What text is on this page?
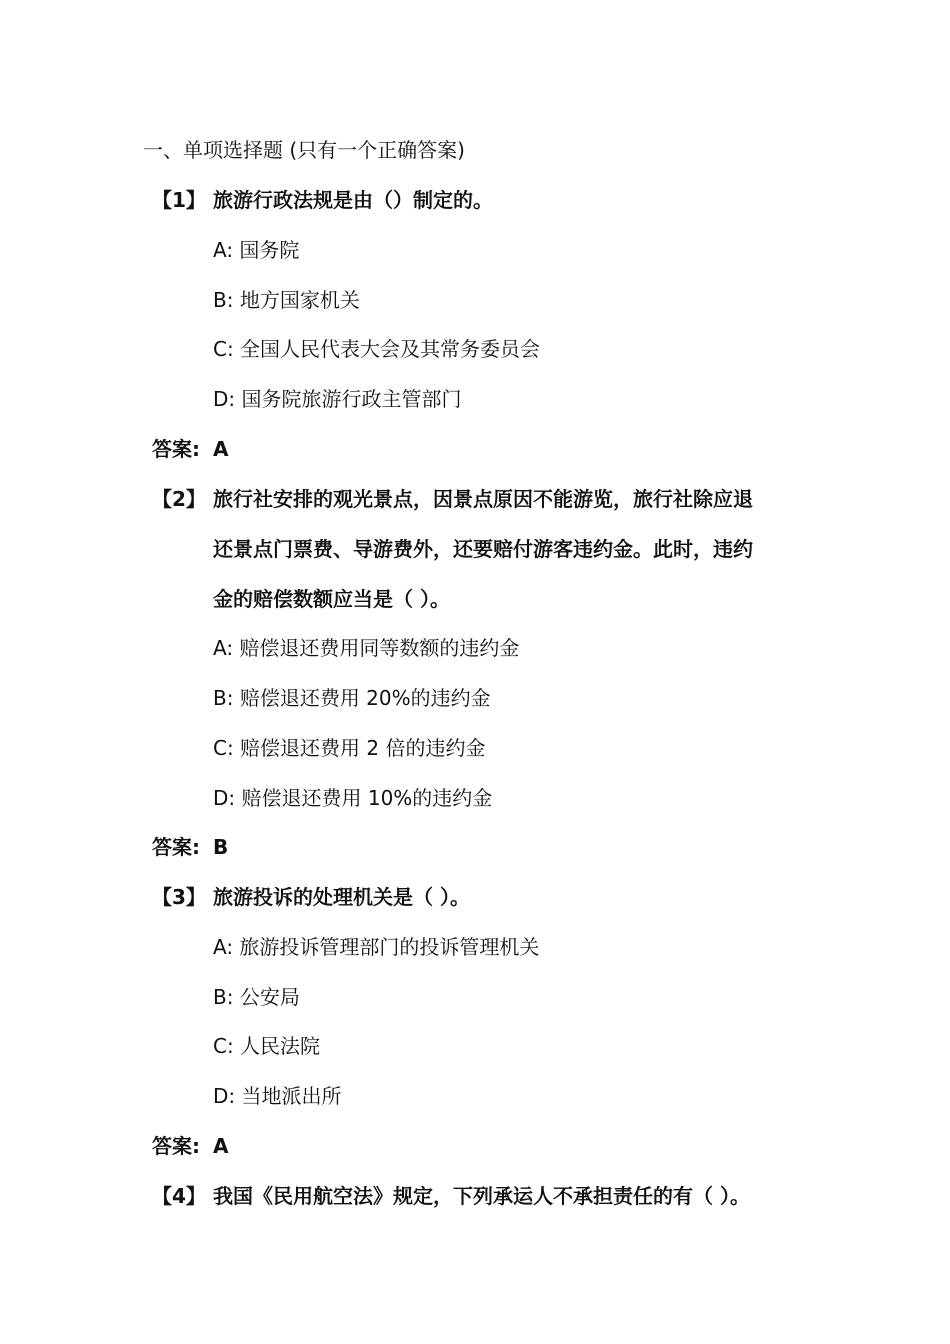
一、单项选择题 (只有一个正确答案)
【1】 旅游行政法规是由（）制定的。
A: 国务院
B: 地方国家机关
C: 全国人民代表大会及其常务委员会
D: 国务院旅游行政主管部门
答案: A
【2】 旅行社安排的观光景点，因景点原因不能游览，旅行社除应退
还景点门票费、导游费外，还要赔付游客违约金。此时，违约
金的赔偿数额应当是（ ）。
A: 赔偿退还费用同等数额的违约金
B: 赔偿退还费用 20%的违约金
C: 赔偿退还费用 2 倍的违约金
D: 赔偿退还费用 10%的违约金
答案: B
【3】 旅游投诉的处理机关是（ ）。
A: 旅游投诉管理部门的投诉管理机关
B: 公安局
C: 人民法院
D: 当地派出所
答案: A
【4】 我国《民用航空法》规定，下列承运人不承担责任的有（ ）。
